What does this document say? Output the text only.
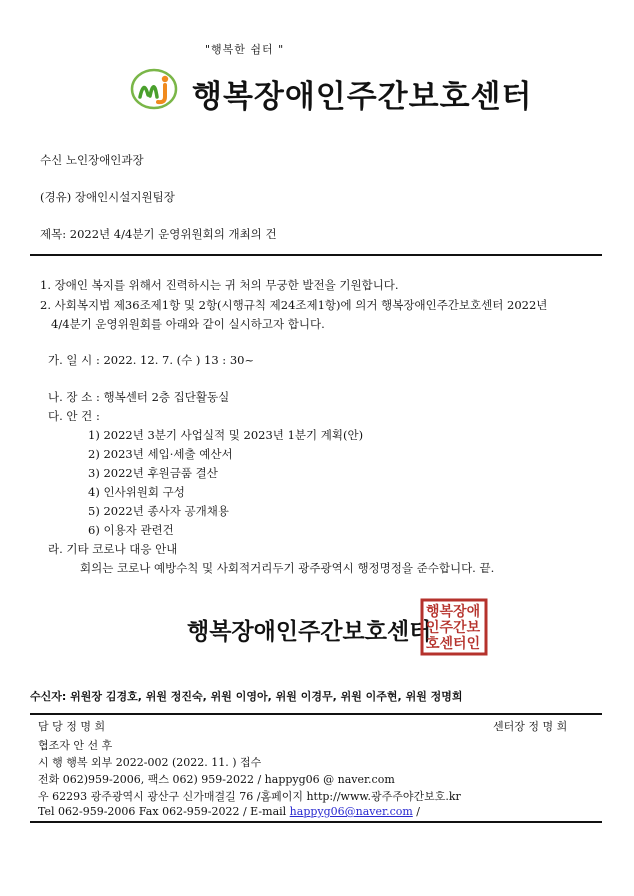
"행복한 쉼터 "
행복장애인주간보호센터
수신 노인장애인과장
(경유) 장애인시설지원팀장
제목: 2022년 4/4분기 운영위원회의 개최의 건
1. 장애인 복지를 위해서 진력하시는 귀 처의 무궁한 발전을 기원합니다.
2. 사회복지법 제36조제1항 및 2항(시행규칙 제24조제1항)에 의거 행복장애인주간보호센터 2022년
4/4분기 운영위원회를 아래와 같이 실시하고자 합니다.
가. 일 시 : 2022. 12. 7. (수 ) 13 : 30~
나. 장 소 : 행복센터 2층 집단활동실
다. 안 건 :
1) 2022년 3분기 사업실적 및 2023년 1분기 계획(안)
2) 2023년 세입·세출 예산서
3) 2022년 후원금품 결산
4) 인사위원회 구성
5) 2022년 종사자 공개채용
6) 이용자 관련건
라. 기타 코로나 대응 안내
회의는 코로나 예방수칙 및 사회적거리두기 광주광역시 행정명정을 준수합니다. 끝.
행복장애인주간보호센터
행복장애
인주간보
호센터인
수신자: 위원장 김경호, 위원 정진숙, 위원 이영아, 위원 이경무, 위원 이주현, 위원 정명희
담 당 정 명 희	센터장 정 명 희
협조자 안 선 후
시 행 행복 외부 2022-002 (2022. 11. ) 접수
전화 062)959-2006, 팩스 062) 959-2022 / happyg06 @ naver.com
우 62293 광주광역시 광산구 신가매결길 76 /홈페이지 http://www.광주주야간보호.kr
Tel 062-959-2006 Fax 062-959-2022 / E-mail happyg06@naver.com /
